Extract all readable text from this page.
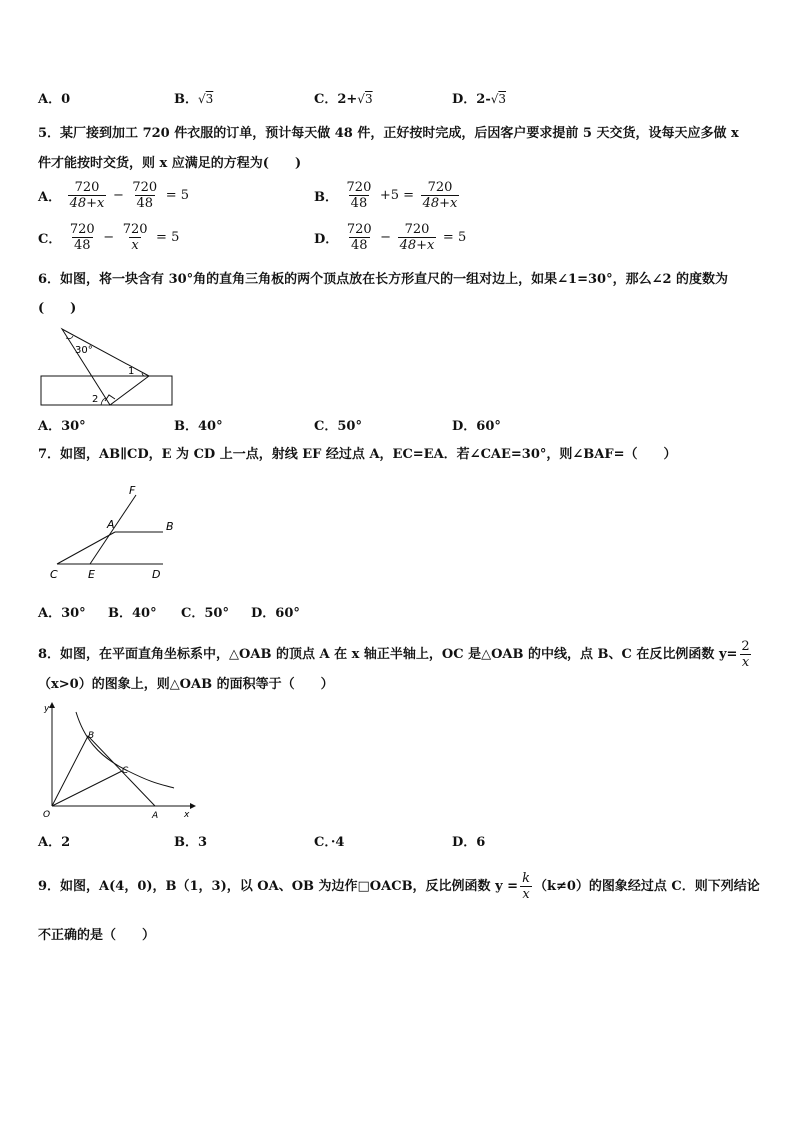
A．0	B．√3	C．2+√3	D．2-√3
5．某厂接到加工 720 件衣服的订单，预计每天做 48 件，正好按时完成，后因客户要求提前 5 天交货，设每天应多做 x
件才能按时交货，则 x 应满足的方程为(　　)
A． $\frac{720}{48+x} - \frac{720}{48} = 5$	B． $\frac{720}{48} +5 = \frac{720}{48+x}$
C． $\frac{720}{48} - \frac{720}{x} = 5$	D． $\frac{720}{48} - \frac{720}{48+x} = 5$
6．如图，将一块含有 30°角的直角三角板的两个顶点放在长方形直尺的一组对边上，如果∠1=30°，那么∠2 的度数为
(　　)
30°
1
2
A．30°	B．40°	C．50°	D．60°
7．如图，AB∥CD，E 为 CD 上一点，射线 EF 经过点 A，EC=EA．若∠CAE=30°，则∠BAF=（　　）
F
A	B
C	E	D
A．30° B．40° C．50° D．60°
8．如图，在平面直角坐标系中，△OAB 的顶点 A 在 x 轴正半轴上，OC 是△OAB 的中线，点 B、C 在反比例函数 $y= \frac{2}{x}$
（x>0）的图象上，则△OAB 的面积等于（　　）
y
x
O	A
B
C
A．2	B．3	C．·4	D．6
9．如图，A(4，0)，B（1，3)，以 OA、OB 为边作□OACB，反比例函数 $y = \frac{k}{x} (k\ne 0)$的图象经过点 C．则下列结论
不正确的是（　　）
